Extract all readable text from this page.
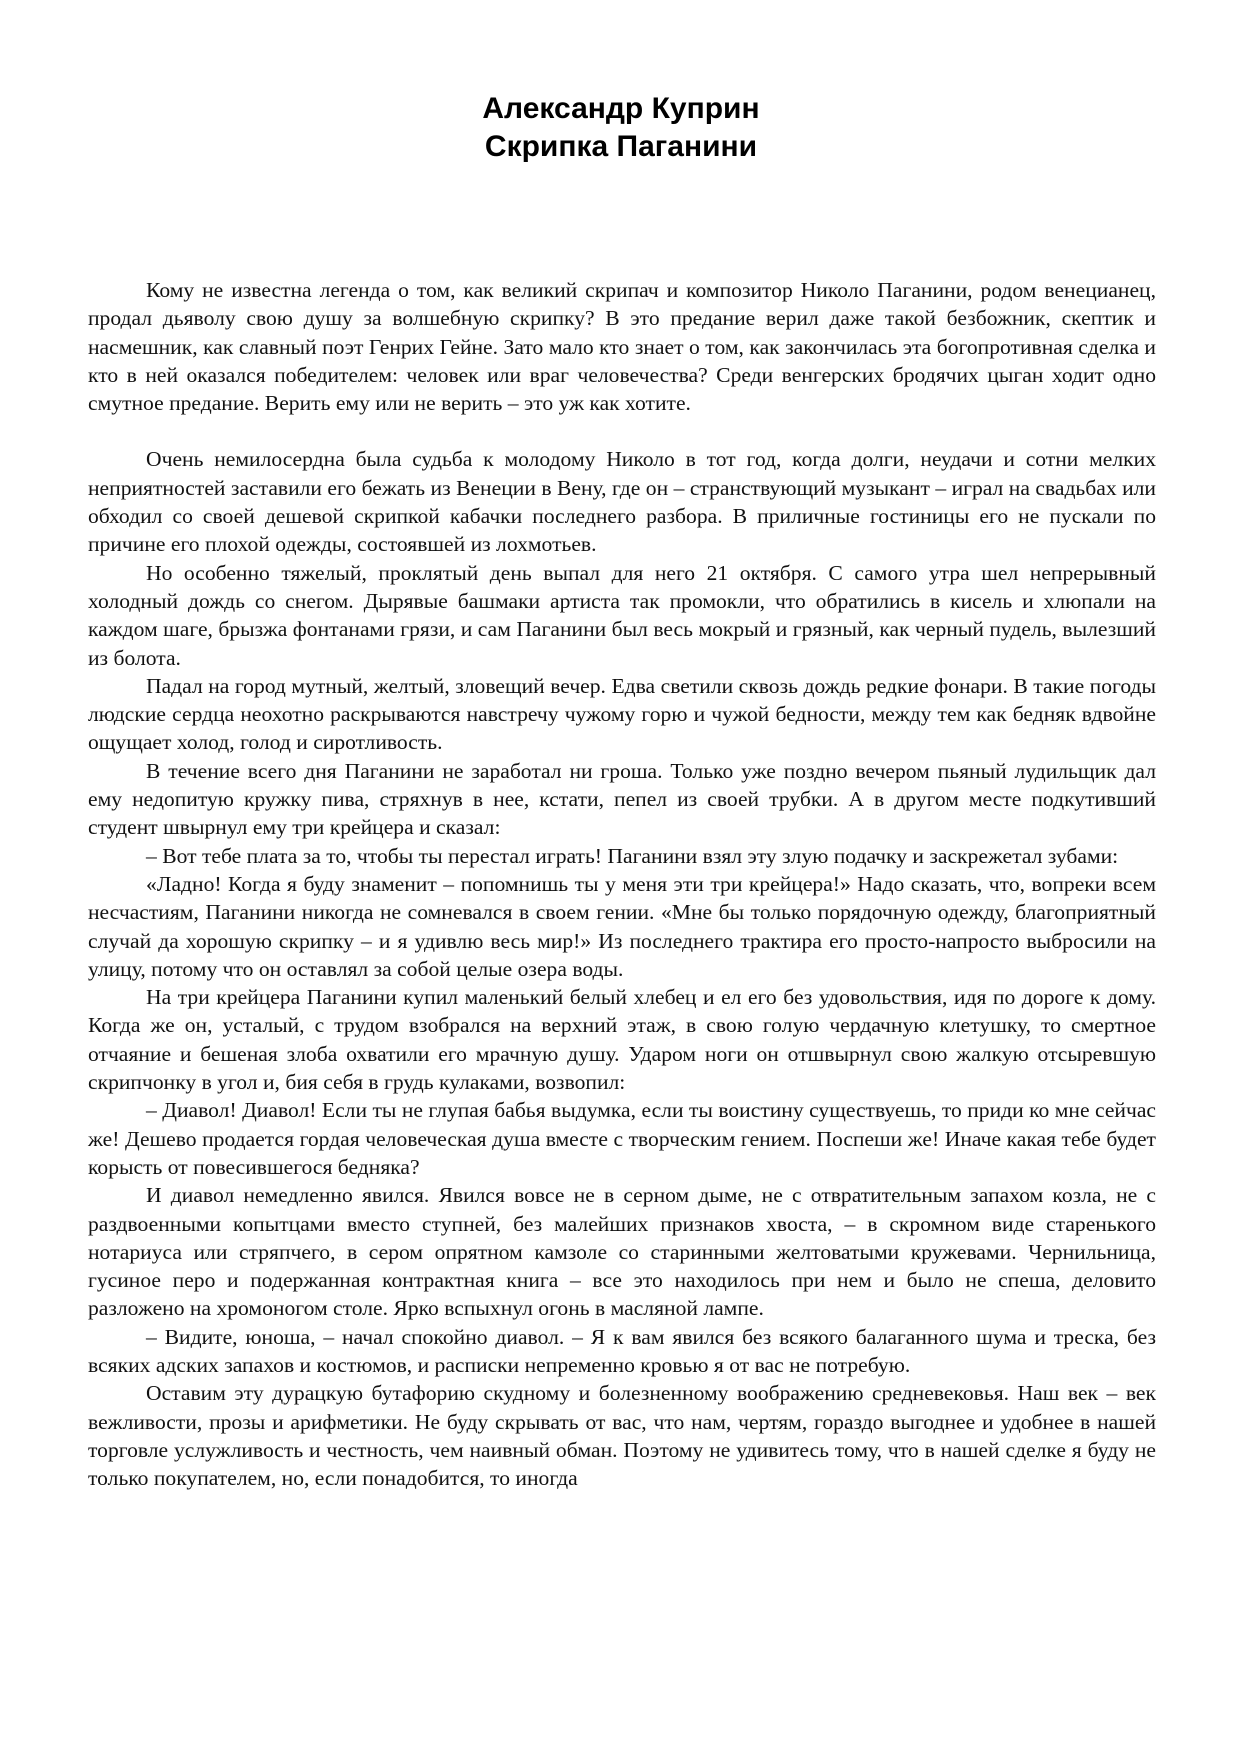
Александр Куприн
Скрипка Паганини

Кому не известна легенда о том, как великий скрипач и композитор Николо Паганини, родом венецианец, продал дьяволу свою душу за волшебную скрипку? В это предание верил даже такой безбожник, скептик и насмешник, как славный поэт Генрих Гейне. Зато мало кто знает о том, как закончилась эта богопротивная сделка и кто в ней оказался победителем: человек или враг человечества? Среди венгерских бродячих цыган ходит одно смутное предание. Верить ему или не верить – это уж как хотите.

Очень немилосердна была судьба к молодому Николо в тот год, когда долги, неудачи и сотни мелких неприятностей заставили его бежать из Венеции в Вену, где он – странствующий музыкант – играл на свадьбах или обходил со своей дешевой скрипкой кабачки последнего разбора. В приличные гостиницы его не пускали по причине его плохой одежды, состоявшей из лохмотьев.

Но особенно тяжелый, проклятый день выпал для него 21 октября. С самого утра шел непрерывный холодный дождь со снегом. Дырявые башмаки артиста так промокли, что обратились в кисель и хлюпали на каждом шаге, брызжа фонтанами грязи, и сам Паганини был весь мокрый и грязный, как черный пудель, вылезший из болота.

Падал на город мутный, желтый, зловещий вечер. Едва светили сквозь дождь редкие фонари. В такие погоды людские сердца неохотно раскрываются навстречу чужому горю и чужой бедности, между тем как бедняк вдвойне ощущает холод, голод и сиротливость.

В течение всего дня Паганини не заработал ни гроша. Только уже поздно вечером пьяный лудильщик дал ему недопитую кружку пива, стряхнув в нее, кстати, пепел из своей трубки. А в другом месте подкутивший студент швырнул ему три крейцера и сказал:

– Вот тебе плата за то, чтобы ты перестал играть! Паганини взял эту злую подачку и заскрежетал зубами:

«Ладно! Когда я буду знаменит – попомнишь ты у меня эти три крейцера!» Надо сказать, что, вопреки всем несчастиям, Паганини никогда не сомневался в своем гении. «Мне бы только порядочную одежду, благоприятный случай да хорошую скрипку – и я удивлю весь мир!» Из последнего трактира его просто-напросто выбросили на улицу, потому что он оставлял за собой целые озера воды.

На три крейцера Паганини купил маленький белый хлебец и ел его без удовольствия, идя по дороге к дому. Когда же он, усталый, с трудом взобрался на верхний этаж, в свою голую чердачную клетушку, то смертное отчаяние и бешеная злоба охватили его мрачную душу. Ударом ноги он отшвырнул свою жалкую отсыревшую скрипчонку в угол и, бия себя в грудь кулаками, возвопил:

– Диавол! Диавол! Если ты не глупая бабья выдумка, если ты воистину существуешь, то приди ко мне сейчас же! Дешево продается гордая человеческая душа вместе с творческим гением. Поспеши же! Иначе какая тебе будет корысть от повесившегося бедняка?

И диавол немедленно явился. Явился вовсе не в серном дыме, не с отвратительным запахом козла, не с раздвоенными копытцами вместо ступней, без малейших признаков хвоста, – в скромном виде старенького нотариуса или стряпчего, в сером опрятном камзоле со старинными желтоватыми кружевами. Чернильница, гусиное перо и подержанная контрактная книга – все это находилось при нем и было не спеша, деловито разложено на хромоногом столе. Ярко вспыхнул огонь в масляной лампе.

– Видите, юноша, – начал спокойно диавол. – Я к вам явился без всякого балаганного шума и треска, без всяких адских запахов и костюмов, и расписки непременно кровью я от вас не потребую.

Оставим эту дурацкую бутафорию скудному и болезненному воображению средневековья. Наш век – век вежливости, прозы и арифметики. Не буду скрывать от вас, что нам, чертям, гораздо выгоднее и удобнее в нашей торговле услужливость и честность, чем наивный обман. Поэтому не удивитесь тому, что в нашей сделке я буду не только покупателем, но, если понадобится, то иногда
